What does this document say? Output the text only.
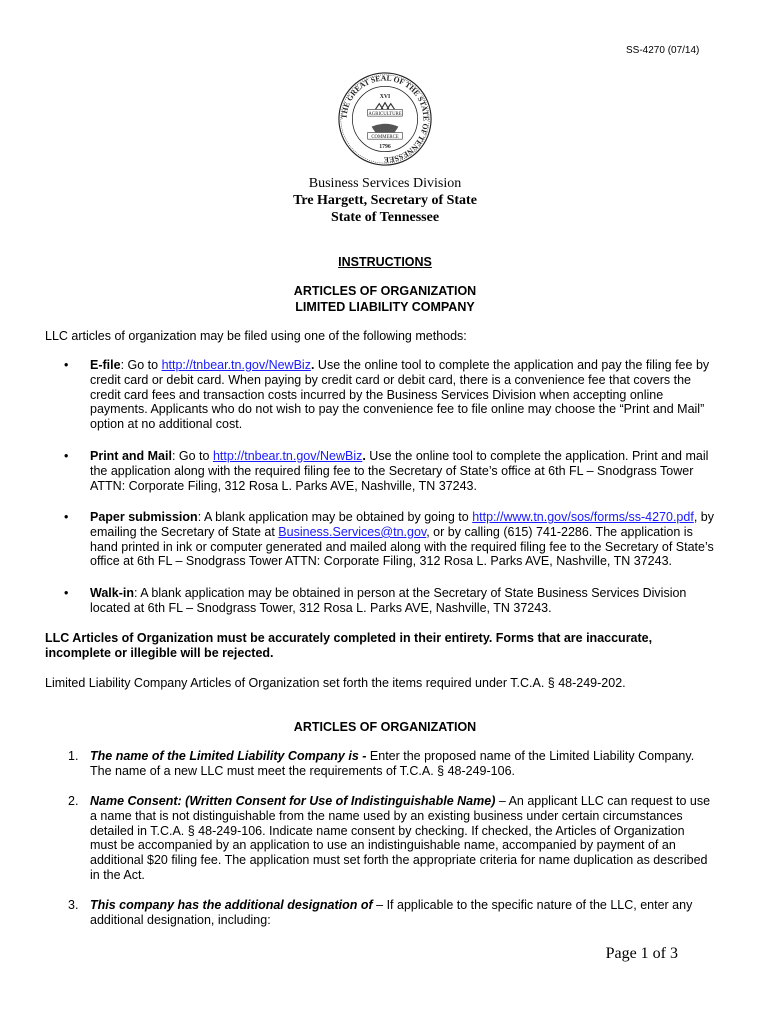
SS-4270 (07/14)
THE GREAT SEAL OF THE STATE OF TENNESSEE
XVI
AGRICULTURE
COMMERCE
1796
Business Services Division
Tre Hargett, Secretary of State
State of Tennessee
INSTRUCTIONS
ARTICLES OF ORGANIZATION
LIMITED LIABILITY COMPANY
LLC articles of organization may be filed using one of the following methods:
• E-file: Go to http://tnbear.tn.gov/NewBiz. Use the online tool to complete the application and pay the filing fee by
credit card or debit card. When paying by credit card or debit card, there is a convenience fee that covers the
credit card fees and transaction costs incurred by the Business Services Division when accepting online
payments. Applicants who do not wish to pay the convenience fee to file online may choose the “Print and Mail”
option at no additional cost.
• Print and Mail: Go to http://tnbear.tn.gov/NewBiz. Use the online tool to complete the application. Print and mail
the application along with the required filing fee to the Secretary of State’s office at 6th FL – Snodgrass Tower
ATTN: Corporate Filing, 312 Rosa L. Parks AVE, Nashville, TN 37243.
• Paper submission: A blank application may be obtained by going to http://www.tn.gov/sos/forms/ss-4270.pdf, by
emailing the Secretary of State at Business.Services@tn.gov, or by calling (615) 741-2286. The application is
hand printed in ink or computer generated and mailed along with the required filing fee to the Secretary of State’s
office at 6th FL – Snodgrass Tower ATTN: Corporate Filing, 312 Rosa L. Parks AVE, Nashville, TN 37243.
• Walk-in: A blank application may be obtained in person at the Secretary of State Business Services Division
located at 6th FL – Snodgrass Tower, 312 Rosa L. Parks AVE, Nashville, TN 37243.
LLC Articles of Organization must be accurately completed in their entirety. Forms that are inaccurate,
incomplete or illegible will be rejected.
Limited Liability Company Articles of Organization set forth the items required under T.C.A. § 48-249-202.
ARTICLES OF ORGANIZATION
1. The name of the Limited Liability Company is - Enter the proposed name of the Limited Liability Company.
The name of a new LLC must meet the requirements of T.C.A. § 48-249-106.
2. Name Consent: (Written Consent for Use of Indistinguishable Name) – An applicant LLC can request to use
a name that is not distinguishable from the name used by an existing business under certain circumstances
detailed in T.C.A. § 48-249-106. Indicate name consent by checking. If checked, the Articles of Organization
must be accompanied by an application to use an indistinguishable name, accompanied by payment of an
additional $20 filing fee. The application must set forth the appropriate criteria for name duplication as described
in the Act.
3. This company has the additional designation of – If applicable to the specific nature of the LLC, enter any
additional designation, including:
Page 1 of 3
